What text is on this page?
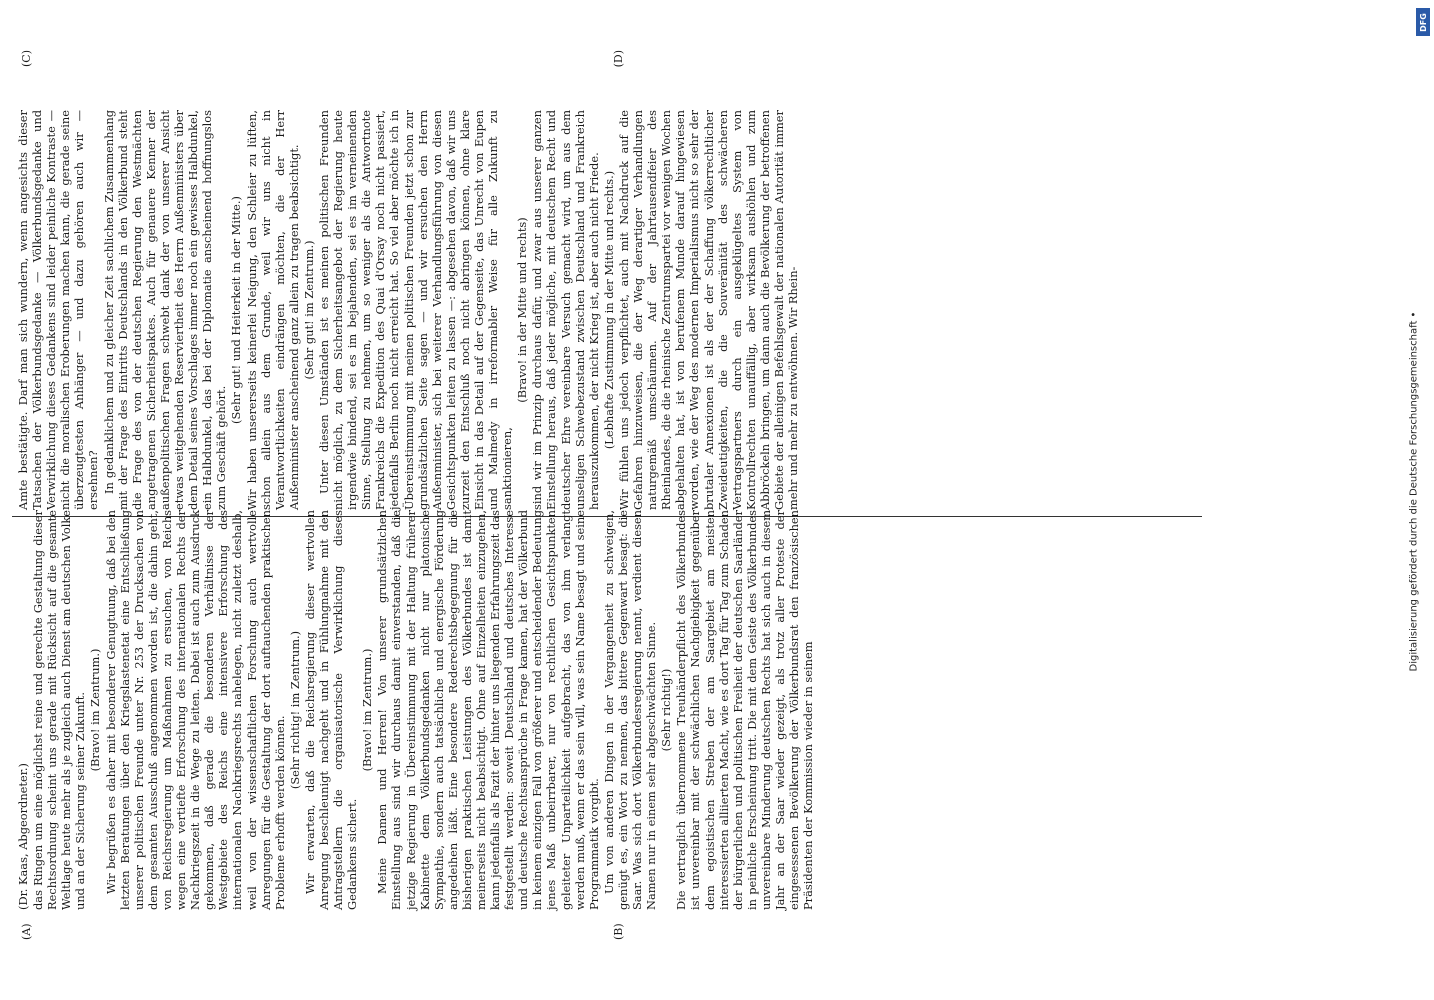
(A)	(B)
(C)	(D)

(Dr. Kaas, Abgeordneter.) das Ringen um eine möglichst reine und gerechte Gestaltung dieser Rechtsordnung scheint uns gerade mit Rücksicht auf die gesamte Weltlage heute mehr als je zugleich auch Dienst am deutschen Volke und an der Sicherung seiner Zukunft. (Bravo! im Zentrum.) Wir begrüßen es daher mit besonderer Genugtuung, daß bei den letzten Beratungen über den Kriegslastenetat eine Entschließung unserer politischen Freunde unter Nr. 253 der Drucksachen von dem gesamten Ausschuß angenommen worden ist, die dahin geht, von Reichsregierung um Maßnahmen zu ersuchen, von Reichs wegen eine vertiefte Erforschung des internationalen Rechts der Nachkriegszeit in die Wege zu leiten. Dabei ist auch zum Ausdruck gekommen, daß gerade die besonderen Verhältnisse der Westgebiete des Reichs eine intensivere Erforschung des internationalen Nachkriegsrechts nahelegen, nicht zuletzt deshalb, weil von der wissenschaftlichen Forschung auch wertvolle Anregungen für die Gestaltung der dort auftauchenden praktischen Probleme erhofft werden können.

(Sehr richtig! im Zentrum.) Wir erwarten, daß die Reichsregierung dieser wertvollen Anregung beschleunigt nachgeht und in Fühlungnahme mit den Antragstellern die organisatorische Verwirklichung dieses Gedankens sichert.

(Bravo! im Zentrum.) Meine Damen und Herren! Von unserer grundsätzlichen Einstellung aus sind wir durchaus damit einverstanden, daß die jetzige Regierung in Übereinstimmung mit der Haltung früherer Kabinette dem Völkerbundsgedanken nicht nur platonische Sympathie, sondern auch tatsächliche und energische Förderung angedeihen läßt. Eine besondere Rederechtsbegegnung für die bisherigen praktischen Leistungen des Völkerbundes ist damit meinerseits nicht beabsichtigt. Ohne auf Einzelheiten einzugehen, kann jedenfalls als Fazit der hinter uns liegenden Erfahrungszeit das festgestellt werden: soweit Deutschland und deutsches Interesse und deutsche Rechtsansprüche in Frage kamen, hat der Völkerbund in keinem einzigen Fall von größerer und entscheidender Bedeutung jenes Maß unbeirrbarer, nur von rechtlichen Gesichtspunkten geleiteter Unparteilichkeit aufgebracht, das von ihm verlangt werden muß, wenn er das sein will, was sein Name besagt und seine Programmatik vorgibt. Um von anderen Dingen in der Vergangenheit zu schweigen, genügt es, ein Wort zu nennen, das bittere Gegenwart besagt: die Saar. Was sich dort Völkerbundesregierung nennt, verdient diesen Namen nur in einem sehr abgeschwächten Sinne. (Sehr richtig!) Die vertraglich übernommene Treuhänderpflicht des Völkerbundes ist unvereinbar mit der schwächlichen Nachgiebigkeit gegenüber dem egoistischen Streben der am Saargebiet am meisten interessierten alliierten Macht, wie es dort Tag für Tag zum Schaden der bürgerlichen und politischen Freiheit der deutschen Saarländer in peinliche Erscheinung tritt. Die mit dem Geiste des Völkerbundes unvereinbare Minderung deutschen Rechts hat sich auch in diesem Jahr an der Saar wieder gezeigt, als trotz aller Proteste der eingesessenen Bevölkerung der Völkerbundsrat den französischen Präsidenten der Kommission wieder in seinem

Amte bestätigte. Darf man sich wundern, wenn angesichts dieser Tatsachen der Völkerbundsgedanke — Völkerbundsgedanke und Verwirklichung dieses Gedankens sind leider peinliche Kontraste — nicht die moralischen Eroberungen machen kann, die gerade seine überzeugtesten Anhänger — und dazu gehören auch wir — ersehnen? In gedanklichem und zu gleicher Zeit sachlichem Zusammenhang mit der Frage des Eintritts Deutschlands in den Völkerbund steht die Frage des von der deutschen Regierung den Westmächten angetragenen Sicherheitspaktes. Auch für genauere Kenner der außenpolitischen Fragen schwebt dank der von unserer Ansicht etwas weitgehenden Reserviertheit des Herrn Außenministers über dem Detail seines Vorschlages immer noch ein gewisses Halbdunkel, ein Halbdunkel, das bei der Diplomatie anscheinend hoffnungslos zum Geschäft gehört.

(Sehr gut! und Heiterkeit in der Mitte.) Wir haben unsererseits keinerlei Neigung, den Schleier zu lüften, schon allein aus dem Grunde, weil wir uns nicht in Verantwortlichkeiten eindrängen möchten, die der Herr Außenminister anscheinend ganz allein zu tragen beabsichtigt. (Sehr gut! im Zentrum.) Unter diesen Umständen ist es meinen politischen Freunden nicht möglich, zu dem Sicherheitsangebot der Regierung heute irgendwie bindend, sei es im bejahenden, sei es im verneinenden Sinne, Stellung zu nehmen, um so weniger als die Antwortnote Frankreichs die Expedition des Quai d'Orsay noch nicht passiert, jedenfalls Berlin noch nicht erreicht hat. So viel aber möchte ich in Übereinstimmung mit meinen politischen Freunden jetzt schon zur grundsätzlichen Seite sagen — und wir ersuchen den Herrn Außenminister, sich bei weiterer Verhandlungsführung von diesen Gesichtspunkten leiten zu lassen —: abgesehen davon, daß wir uns zurzeit den Entschluß noch nicht abringen können, ohne klare Einsicht in das Detail auf der Gegenseite, das Unrecht von Eupen und Malmedy in irreformabler Weise für alle Zukunft zu sanktionieren,

(Bravo! in der Mitte und rechts) sind wir im Prinzip durchaus dafür, und zwar aus unserer ganzen Einstellung heraus, daß jeder mögliche, mit deutschem Recht und deutscher Ehre vereinbare Versuch gemacht wird, um aus dem unseligen Schwebezustand zwischen Deutschland und Frankreich herauszukommen, der nicht Krieg ist, aber auch nicht Friede. (Lebhafte Zustimmung in der Mitte und rechts.) Wir fühlen uns jedoch verpflichtet, auch mit Nachdruck auf die Gefahren hinzuweisen, die der Weg derartiger Verhandlungen naturgemäß umschäumen. Auf der Jahrtausendfeier des Rheinlandes, die die rheinische Zentrumspartei vor wenigen Wochen abgehalten hat, ist von berufenem Munde darauf hingewiesen worden, wie der Weg des modernen Imperialismus nicht so sehr der brutaler Annexionen ist als der der Schaffung völkerrechtlicher Zweideutigkeiten, die die Souveränität des schwächeren Vertragspartners durch ein ausgeklügeltes System von Kontrollrechten unauffällig, aber wirksam aushöhlen und zum Abbröckeln bringen, um dann auch die Bevölkerung der betroffenen Gebiete der alleinigen Befehlsgewalt der nationalen Autorität immer mehr und mehr zu entwöhnen. Wir Rhein-	Digitalisierung gefördert durch die Deutsche Forschungsgemeinschaft •
DFG
